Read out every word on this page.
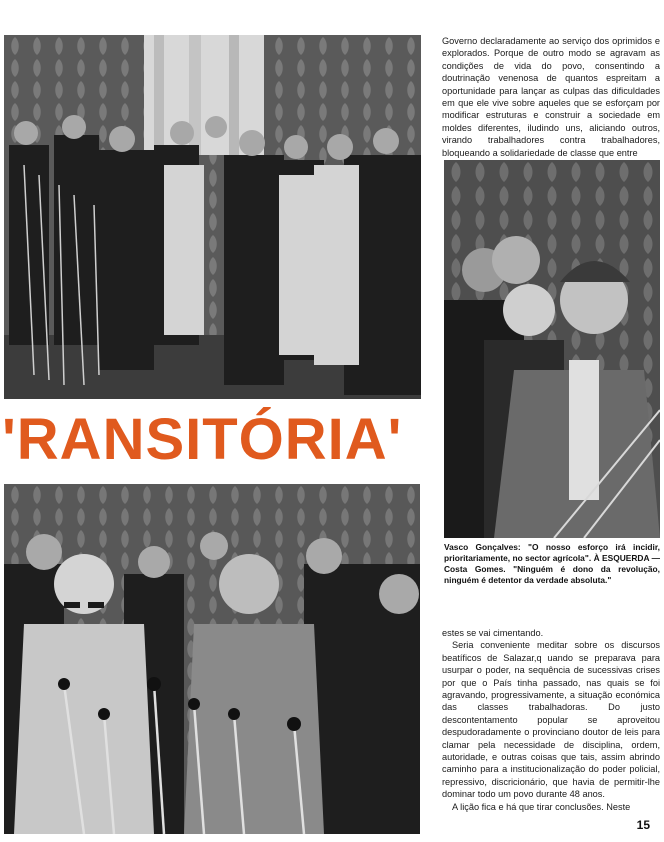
'RANSITÓRIA'

Governo declaradamente ao serviço dos oprimidos e explorados. Porque de outro modo se agravam as condições de vida do povo, consentindo a doutrinação venenosa de quantos espreitam a oportunidade para lançar as culpas das dificuldades em que ele vive sobre aqueles que se esforçam por modificar estruturas e construir a sociedade em moldes diferentes, iludindo uns, aliciando outros, virando trabalhadores contra trabalhadores, bloqueando a solidariedade de classe que entre

Vasco Gonçalves: "O nosso esforço irá incidir, prioritariamente, no sector agrícola". À ESQUERDA — Costa Gomes. "Ninguém é dono da revolução, ninguém é detentor da verdade absoluta."

estes se vai cimentando.

Seria conveniente meditar sobre os discursos beatíficos de Salazar,q uando se preparava para usurpar o poder, na sequência de sucessivas crises por que o País tinha passado, nas quais se foi agravando, progressivamente, a situação económica das classes trabalhadoras. Do justo descontentamento popular se aproveitou despudoradamente o provinciano doutor de leis para clamar pela necessidade de disciplina, ordem, autoridade, e outras coisas que tais, assim abrindo caminho para a institucionalização do poder policial, repressivo, discricionário, que havia de permitir-lhe dominar todo um povo durante 48 anos.

A lição fica e há que tirar conclusões. Neste

15
